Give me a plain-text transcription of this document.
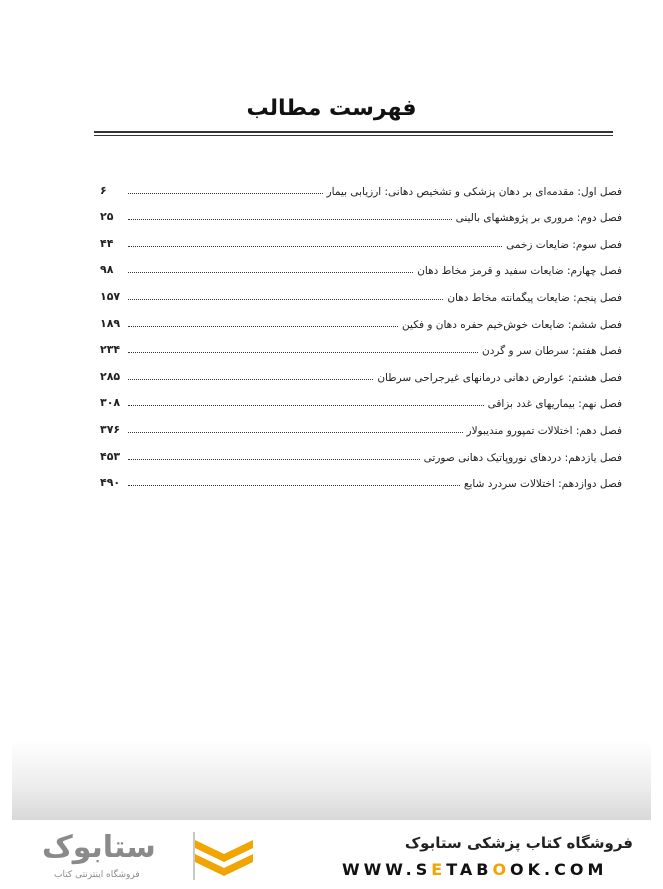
فهرست مطالب
۶	فصل اول: مقدمه‌ای بر دهان پزشکی و تشخیص دهانی: ارزیابی بیمار
۲۵	فصل دوم: مروری بر پژوهشهای بالینی
۴۴	فصل سوم: ضایعات زخمی
۹۸	فصل چهارم: ضایعات سفید و قرمز مخاط دهان
۱۵۷	فصل پنجم: ضایعات پیگمانته مخاط دهان
۱۸۹	فصل ششم: ضایعات خوش‌خیم حفره دهان و فکین
۲۳۴	فصل هفتم: سرطان سر و گردن
۲۸۵	فصل هشتم: عوارض دهانی درمانهای غیرجراحی سرطان
۳۰۸	فصل نهم: بیماریهای غدد بزاقی
۳۷۶	فصل دهم: اختلالات تمپورو مندیبولار
۴۵۳	فصل یازدهم: دردهای نوروپاتیک دهانی صورتی
۴۹۰	فصل دوازدهم: اختلالات سردرد شایع
فروشگاه کتاب پزشکی ستابوک
WWW.SETABOOK.COM
ستابوک
فروشگاه اینترنتی کتاب
